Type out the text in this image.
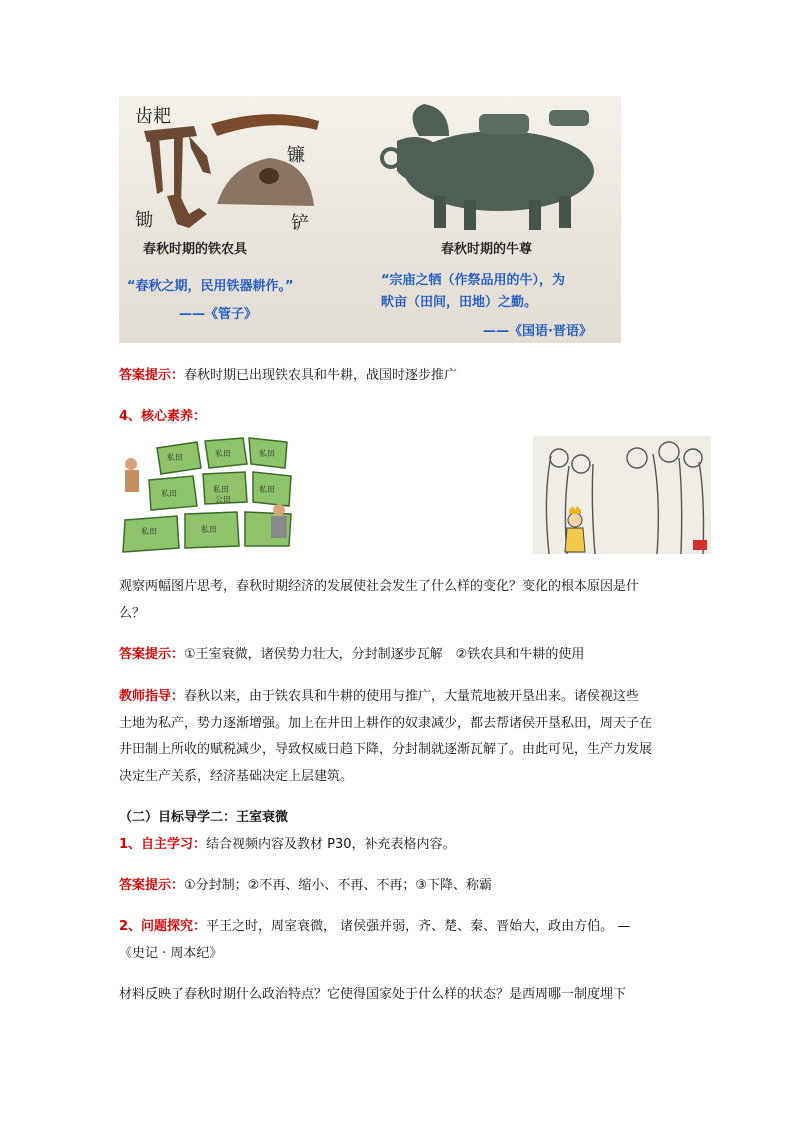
齿耙
镰
锄	铲
春秋时期的铁农具	春秋时期的牛尊
“春秋之期，民用铁器耕作。”
——《管子》
“宗庙之牺（作祭品用的牛），为
畎亩（田间，田地）之勤。
——《国语·晋语》
答案提示：春秋时期已出现铁农具和牛耕，战国时逐步推广
4、核心素养：
私田	私田	私田
私田	私田	私田
公田
私田	私田
观察两幅图片思考，春秋时期经济的发展使社会发生了什么样的变化？变化的根本原因是什
么？
答案提示：①王室衰微，诸侯势力壮大，分封制逐步瓦解　②铁农具和牛耕的使用
教师指导：春秋以来，由于铁农具和牛耕的使用与推广，大量荒地被开垦出来。诸侯视这些
土地为私产，势力逐渐增强。加上在井田上耕作的奴隶减少，都去帮诸侯开垦私田，周天子在
井田制上所收的赋税减少，导致权威日趋下降，分封制就逐渐瓦解了。由此可见，生产力发展
决定生产关系，经济基础决定上层建筑。
（二）目标导学二：王室衰微
1、自主学习：结合视频内容及教材 P30，补充表格内容。
答案提示：①分封制；②不再、缩小、不再、不再；③下降、称霸
2、问题探究：平王之时，周室衰微， 诸侯强并弱，齐、楚、秦、晋始大，政由方伯。 —
《史记 · 周本纪》
材料反映了春秋时期什么政治特点？它使得国家处于什么样的状态？是西周哪一制度埋下
